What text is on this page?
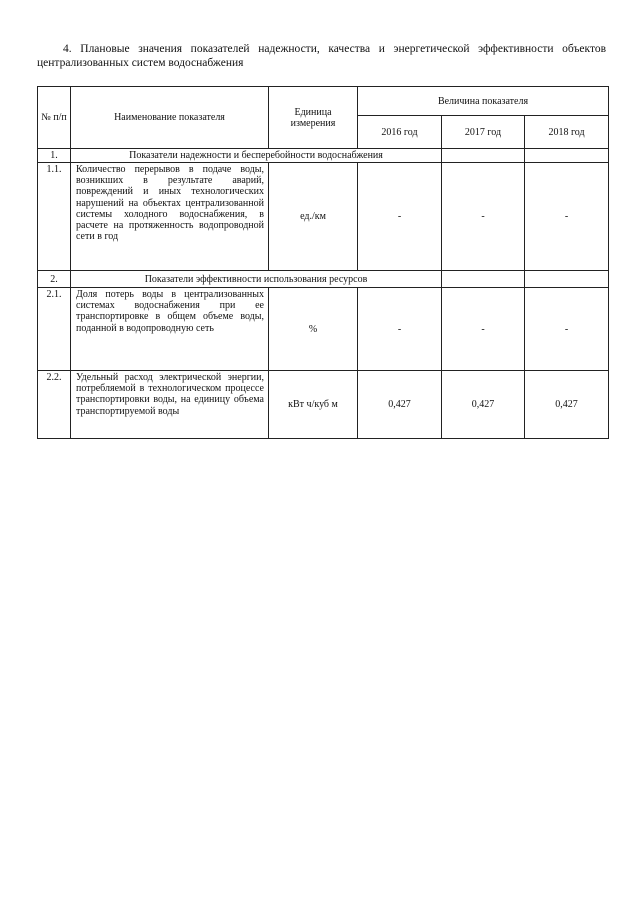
4. Плановые значения показателей надежности, качества и энергетической эффективности объектов централизованных систем водоснабжения
№ п/п	Наименование показателя	Единица измерения	Величина показателя		
			2016 год	2017 год	2018 год
1.	Показатели надежности и бесперебойности водоснабжения				
1.1.	Количество перерывов в подаче воды, возникших в результате аварий, повреждений и иных технологических нарушений на объектах централизованной системы холодного водоснабжения, в расчете на протяженность водопроводной сети в год	ед./км	-	-	-
2.	Показатели эффективности использования ресурсов				
2.1.	Доля потерь воды в централизованных системах водоснабжения при ее транспортировке в общем объеме воды, поданной в водопроводную сеть	%	-	-	-
2.2.	Удельный расход электрической энергии, потребляемой в технологическом процессе транспортировки воды, на единицу объема транспортируемой воды	кВт ч/куб м	0,427	0,427	0,427
